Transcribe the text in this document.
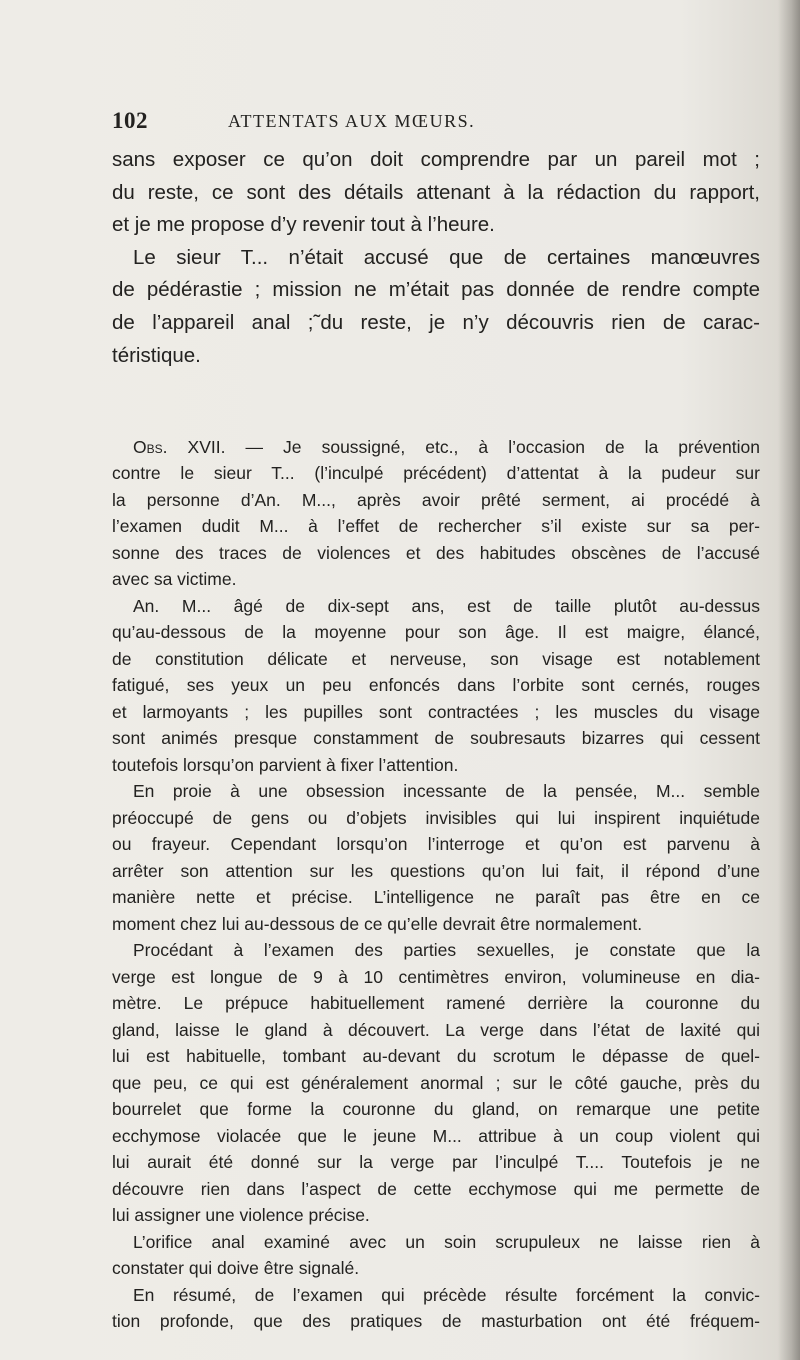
102	ATTENTATS AUX MŒURS.
sans exposer ce qu’on doit comprendre par un pareil mot ;
du reste, ce sont des détails attenant à la rédaction du rapport,
et je me propose d’y revenir tout à l’heure.
Le sieur T... n’était accusé que de certaines manœuvres
de pédérastie ; mission ne m’était pas donnée de rendre compte
de l’appareil anal ;˜du reste, je n’y découvris rien de carac-
téristique.
Obs. XVII. — Je soussigné, etc., à l’occasion de la prévention
contre le sieur T... (l’inculpé précédent) d’attentat à la pudeur sur
la personne d’An. M..., après avoir prêté serment, ai procédé à
l’examen dudit M... à l’effet de rechercher s’il existe sur sa per-
sonne des traces de violences et des habitudes obscènes de l’accusé
avec sa victime.
An. M... âgé de dix-sept ans, est de taille plutôt au-dessus
qu’au-dessous de la moyenne pour son âge. Il est maigre, élancé,
de constitution délicate et nerveuse, son visage est notablement
fatigué, ses yeux un peu enfoncés dans l’orbite sont cernés, rouges
et larmoyants ; les pupilles sont contractées ; les muscles du visage
sont animés presque constamment de soubresauts bizarres qui cessent
toutefois lorsqu’on parvient à fixer l’attention.
En proie à une obsession incessante de la pensée, M... semble
préoccupé de gens ou d’objets invisibles qui lui inspirent inquiétude
ou frayeur. Cependant lorsqu’on l’interroge et qu’on est parvenu à
arrêter son attention sur les questions qu’on lui fait, il répond d’une
manière nette et précise. L’intelligence ne paraît pas être en ce
moment chez lui au-dessous de ce qu’elle devrait être normalement.
Procédant à l’examen des parties sexuelles, je constate que la
verge est longue de 9 à 10 centimètres environ, volumineuse en dia-
mètre. Le prépuce habituellement ramené derrière la couronne du
gland, laisse le gland à découvert. La verge dans l’état de laxité qui
lui est habituelle, tombant au-devant du scrotum le dépasse de quel-
que peu, ce qui est généralement anormal ; sur le côté gauche, près du
bourrelet que forme la couronne du gland, on remarque une petite
ecchymose violacée que le jeune M... attribue à un coup violent qui
lui aurait été donné sur la verge par l’inculpé T.... Toutefois je ne
découvre rien dans l’aspect de cette ecchymose qui me permette de
lui assigner une violence précise.
L’orifice anal examiné avec un soin scrupuleux ne laisse rien à
constater qui doive être signalé.
En résumé, de l’examen qui précède résulte forcément la convic-
tion profonde, que des pratiques de masturbation ont été fréquem-
